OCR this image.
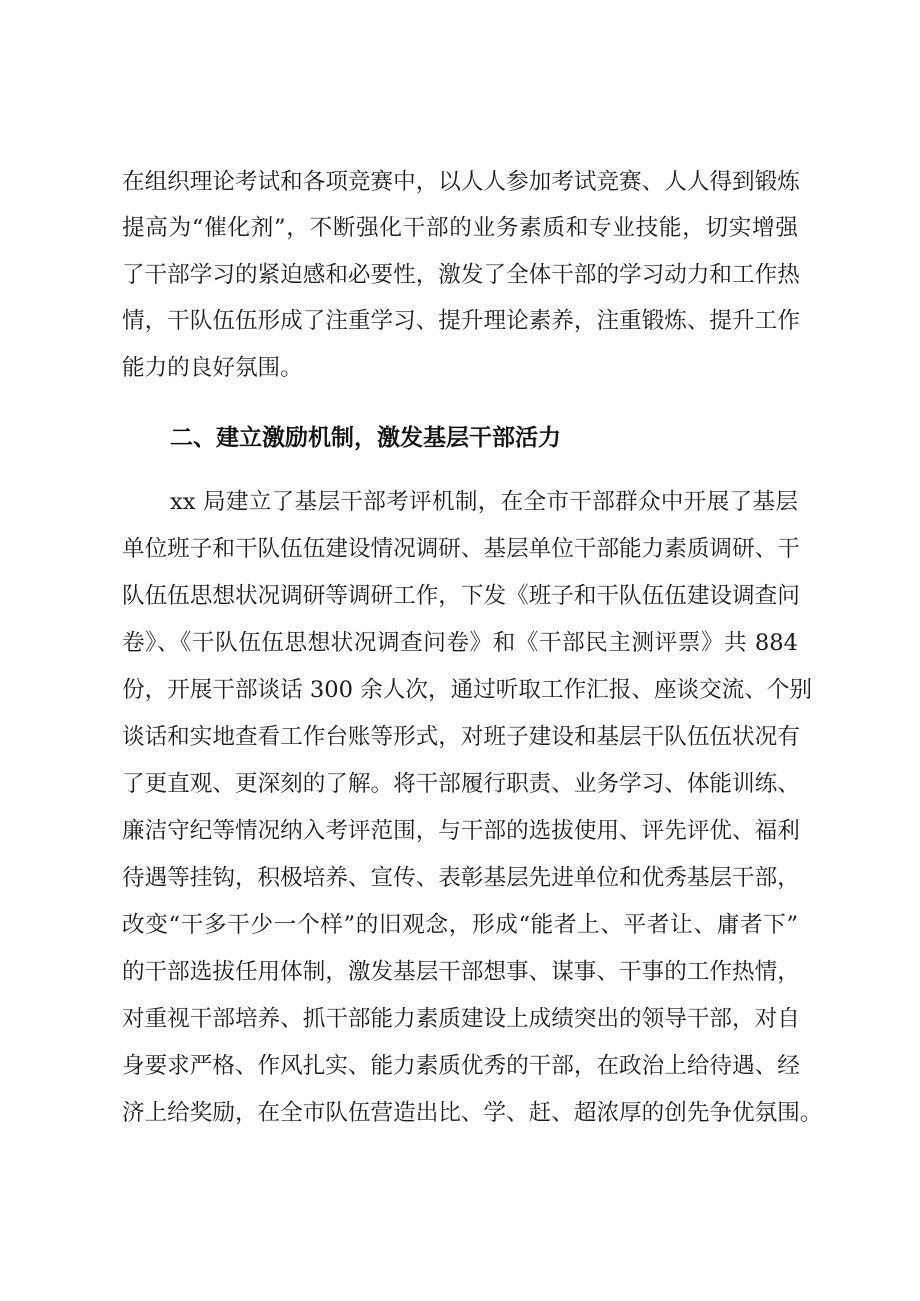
在组织理论考试和各项竞赛中，以人人参加考试竞赛、人人得到锻炼
提高为“催化剂”，不断强化干部的业务素质和专业技能，切实增强
了干部学习的紧迫感和必要性，激发了全体干部的学习动力和工作热
情，干队伍伍形成了注重学习、提升理论素养，注重锻炼、提升工作
能力的良好氛围。
二、建立激励机制，激发基层干部活力
xx 局建立了基层干部考评机制，在全市干部群众中开展了基层
单位班子和干队伍伍建设情况调研、基层单位干部能力素质调研、干
队伍伍思想状况调研等调研工作，下发《班子和干队伍伍建设调查问
卷》、《干队伍伍思想状况调查问卷》和《干部民主测评票》共 884
份，开展干部谈话 300 余人次，通过听取工作汇报、座谈交流、个别
谈话和实地查看工作台账等形式，对班子建设和基层干队伍伍状况有
了更直观、更深刻的了解。将干部履行职责、业务学习、体能训练、
廉洁守纪等情况纳入考评范围，与干部的选拔使用、评先评优、福利
待遇等挂钩，积极培养、宣传、表彰基层先进单位和优秀基层干部，
改变“干多干少一个样”的旧观念，形成“能者上、平者让、庸者下”
的干部选拔任用体制，激发基层干部想事、谋事、干事的工作热情，
对重视干部培养、抓干部能力素质建设上成绩突出的领导干部，对自
身要求严格、作风扎实、能力素质优秀的干部，在政治上给待遇、经
济上给奖励，在全市队伍营造出比、学、赶、超浓厚的创先争优氛围。
